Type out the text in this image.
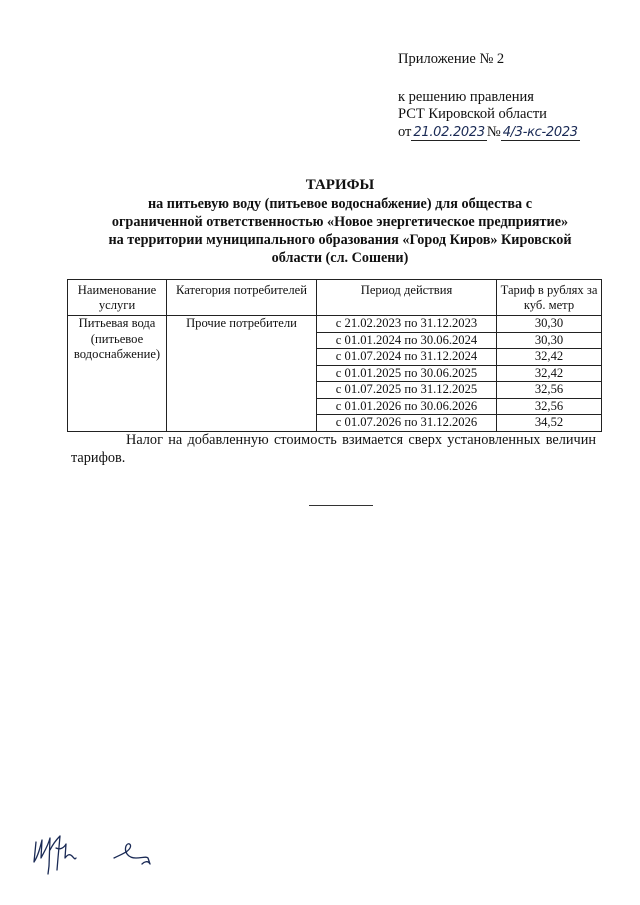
Приложение № 2
к решению правления
РСТ Кировской области
от 21.02.2023 № 4/3-кс-2023
ТАРИФЫ
на питьевую воду (питьевое водоснабжение) для общества с
ограниченной ответственностью «Новое энергетическое предприятие»
на территории муниципального образования «Город Киров» Кировской
области (сл. Сошени)
Наименование услуги	Категория потребителей	Период действия	Тариф в рублях за куб. метр
Питьевая вода (питьевое водоснабжение)	Прочие потребители	с 21.02.2023 по 31.12.2023	30,30
		с 01.01.2024 по 30.06.2024	30,30
		с 01.07.2024 по 31.12.2024	32,42
		с 01.01.2025 по 30.06.2025	32,42
		с 01.07.2025 по 31.12.2025	32,56
		с 01.01.2026 по 30.06.2026	32,56
		с 01.07.2026 по 31.12.2026	34,52
Налог на добавленную стоимость взимается сверх установленных величин тарифов.
